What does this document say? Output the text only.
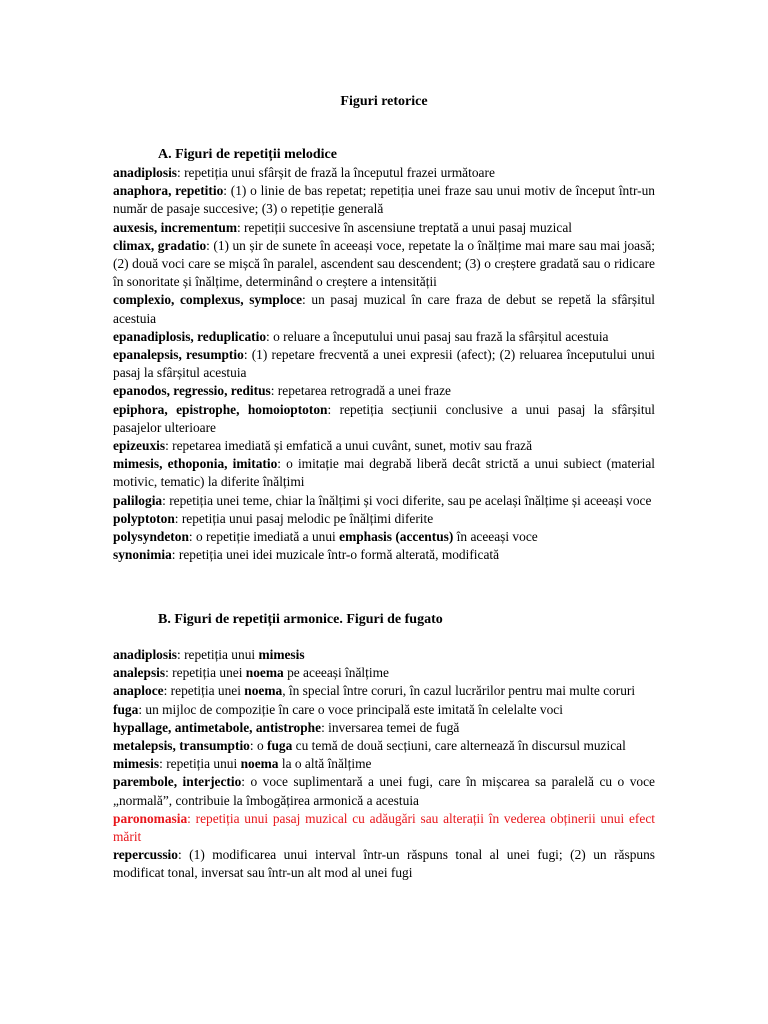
Figuri retorice
A. Figuri de repetiții melodice

anadiplosis: repetiția unui sfârșit de frază la începutul frazei următoare

anaphora, repetitio: (1) o linie de bas repetat; repetiția unei fraze sau unui motiv de început într-un număr de pasaje succesive; (3) o repetiție generală

auxesis, incrementum: repetiții succesive în ascensiune treptată a unui pasaj muzical

climax, gradatio: (1) un șir de sunete în aceeași voce, repetate la o înălțime mai mare sau mai joasă; (2) două voci care se mișcă în paralel, ascendent sau descendent; (3) o creștere gradată sau o ridicare în sonoritate și înălțime, determinând o creștere a intensității

complexio, complexus, symploce: un pasaj muzical în care fraza de debut se repetă la sfârșitul acestuia

epanadiplosis, reduplicatio: o reluare a începutului unui pasaj sau frază la sfârșitul acestuia

epanalepsis, resumptio: (1) repetare frecventă a unei expresii (afect); (2) reluarea începutului unui pasaj la sfârșitul acestuia

epanodos, regressio, reditus: repetarea retrogradă a unei fraze

epiphora, epistrophe, homoioptoton: repetiția secțiunii conclusive a unui pasaj la sfârșitul pasajelor ulterioare

epizeuxis: repetarea imediată și emfatică a unui cuvânt, sunet, motiv sau frază

mimesis, ethoponia, imitatio: o imitație mai degrabă liberă decât strictă a unui subiect (material motivic, tematic) la diferite înălțimi

palilogia: repetiția unei teme, chiar la înălțimi și voci diferite, sau pe același înălțime și aceeași voce

polyptoton: repetiția unui pasaj melodic pe înălțimi diferite

polysyndeton: o repetiție imediată a unui emphasis (accentus) în aceeași voce

synonimia: repetiția unei idei muzicale într-o formă alterată, modificată

B. Figuri de repetiții armonice. Figuri de fugato

anadiplosis: repetiția unui mimesis

analepsis: repetiția unei noema pe aceeași înălțime

anaploce: repetiția unei noema, în special între coruri, în cazul lucrărilor pentru mai multe coruri

fuga: un mijloc de compoziție în care o voce principală este imitată în celelalte voci

hypallage, antimetabole, antistrophe: inversarea temei de fugă

metalepsis, transumptio: o fuga cu temă de două secțiuni, care alternează în discursul muzical

mimesis: repetiția unui noema la o altă înălțime

parembole, interjectio: o voce suplimentară a unei fugi, care în mișcarea sa paralelă cu o voce „normală”, contribuie la îmbogățirea armonică a acestuia

paronomasia: repetiția unui pasaj muzical cu adăugări sau alterații în vederea obținerii unui efect mărit

repercussio: (1) modificarea unui interval într-un răspuns tonal al unei fugi; (2) un răspuns modificat tonal, inversat sau într-un alt mod al unei fugi
